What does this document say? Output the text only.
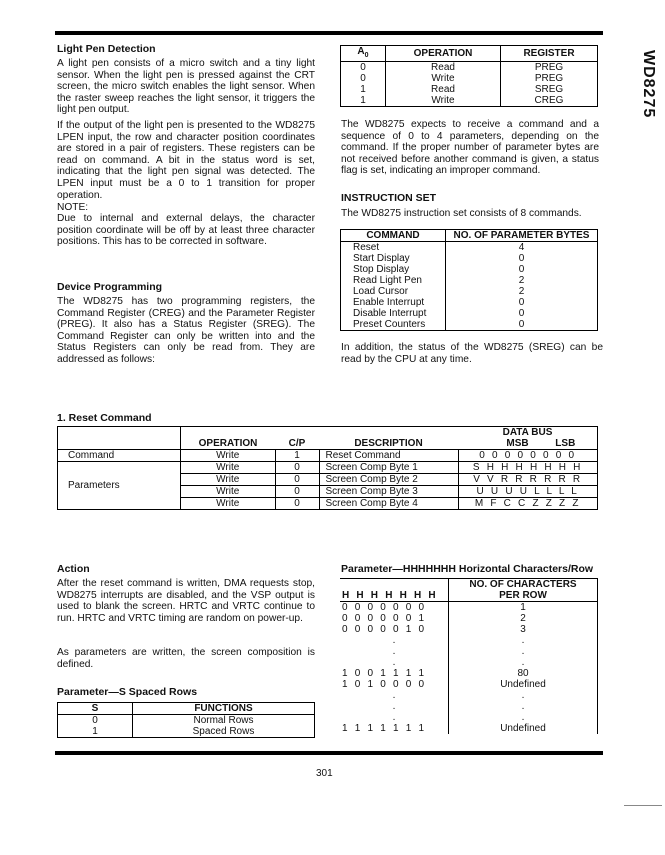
WD8275
Light Pen Detection
A light pen consists of a micro switch and a tiny light sensor. When the light pen is pressed against the CRT screen, the micro switch enables the light sensor. When the raster sweep reaches the light sensor, it triggers the light pen output.
If the output of the light pen is presented to the WD8275 LPEN input, the row and character position coordinates are stored in a pair of registers. These registers can be read on command. A bit in the status word is set, indicating that the light pen signal was detected. The LPEN input must be a 0 to 1 transition for proper operation.
NOTE:
Due to internal and external delays, the character position coordinate will be off by at least three character positions. This has to be corrected in software.
Device Programming
The WD8275 has two programming registers, the Command Register (CREG) and the Parameter Register (PREG). It also has a Status Register (SREG). The Command Register can only be written into and the Status Registers can only be read from. They are addressed as follows:
$A_0$	OPERATION	REGISTER
0	Read	PREG
0	Write	PREG
1	Read	SREG
1	Write	CREG
The WD8275 expects to receive a command and a sequence of 0 to 4 parameters, depending on the command. If the proper number of parameter bytes are not received before another command is given, a status flag is set, indicating an improper command.
INSTRUCTION SET
The WD8275 instruction set consists of 8 commands.
COMMAND	NO. OF PARAMETER BYTES
Reset	4
Start Display	0
Stop Display	0
Read Light Pen	2
Load Cursor	2
Enable Interrupt	0
Disable Interrupt	0
Preset Counters	0
In addition, the status of the WD8275 (SREG) can be read by the CPU at any time.
1. Reset Command
				DATA BUS
	OPERATION	C/P	DESCRIPTION	MSB LSB
Command	Write	1	Reset Command	0 0 0 0 0 0 0 0
Parameters	Write	0	Screen Comp Byte 1	S H H H H H H H
	Write	0	Screen Comp Byte 2	V V R R R R R R
	Write	0	Screen Comp Byte 3	U U U U L L L L
	Write	0	Screen Comp Byte 4	M F C C Z Z Z Z
Action
After the reset command is written, DMA requests stop, WD8275 interrupts are disabled, and the VSP output is used to blank the screen. HRTC and VRTC continue to run. HRTC and VRTC timing are random on power-up.
As parameters are written, the screen composition is defined.
Parameter—S Spaced Rows
S	FUNCTIONS
0	Normal Rows
1	Spaced Rows
Parameter—HHHHHHH Horizontal Characters/Row
	NO. OF CHARACTERS
H H H H H H H	PER ROW
0 0 0 0 0 0 0	1
0 0 0 0 0 0 1	2
0 0 0 0 0 1 0	3
.	.
.	.
.	.
1 0 0 1 1 1 1	80
1 0 1 0 0 0 0	Undefined
.	.
.	.
.	.
1 1 1 1 1 1 1	Undefined
301
